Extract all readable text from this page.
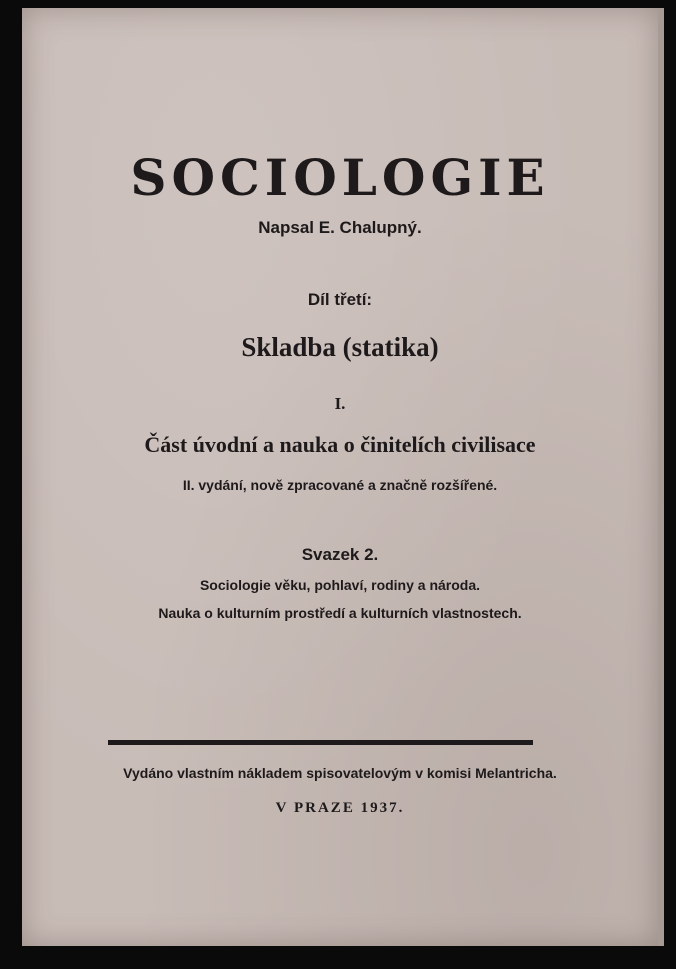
SOCIOLOGIE
Napsal E. Chalupný.
Díl třetí:
Skladba (statika)
I.
Část úvodní a nauka o činitelích civilisace
II. vydání, nově zpracované a značně rozšířené.
Svazek 2.
Sociologie věku, pohlaví, rodiny a národa.
Nauka o kulturním prostředí a kulturních vlastnostech.
Vydáno vlastním nákladem spisovatelovým v komisi Melantricha.
V PRAZE 1937.
